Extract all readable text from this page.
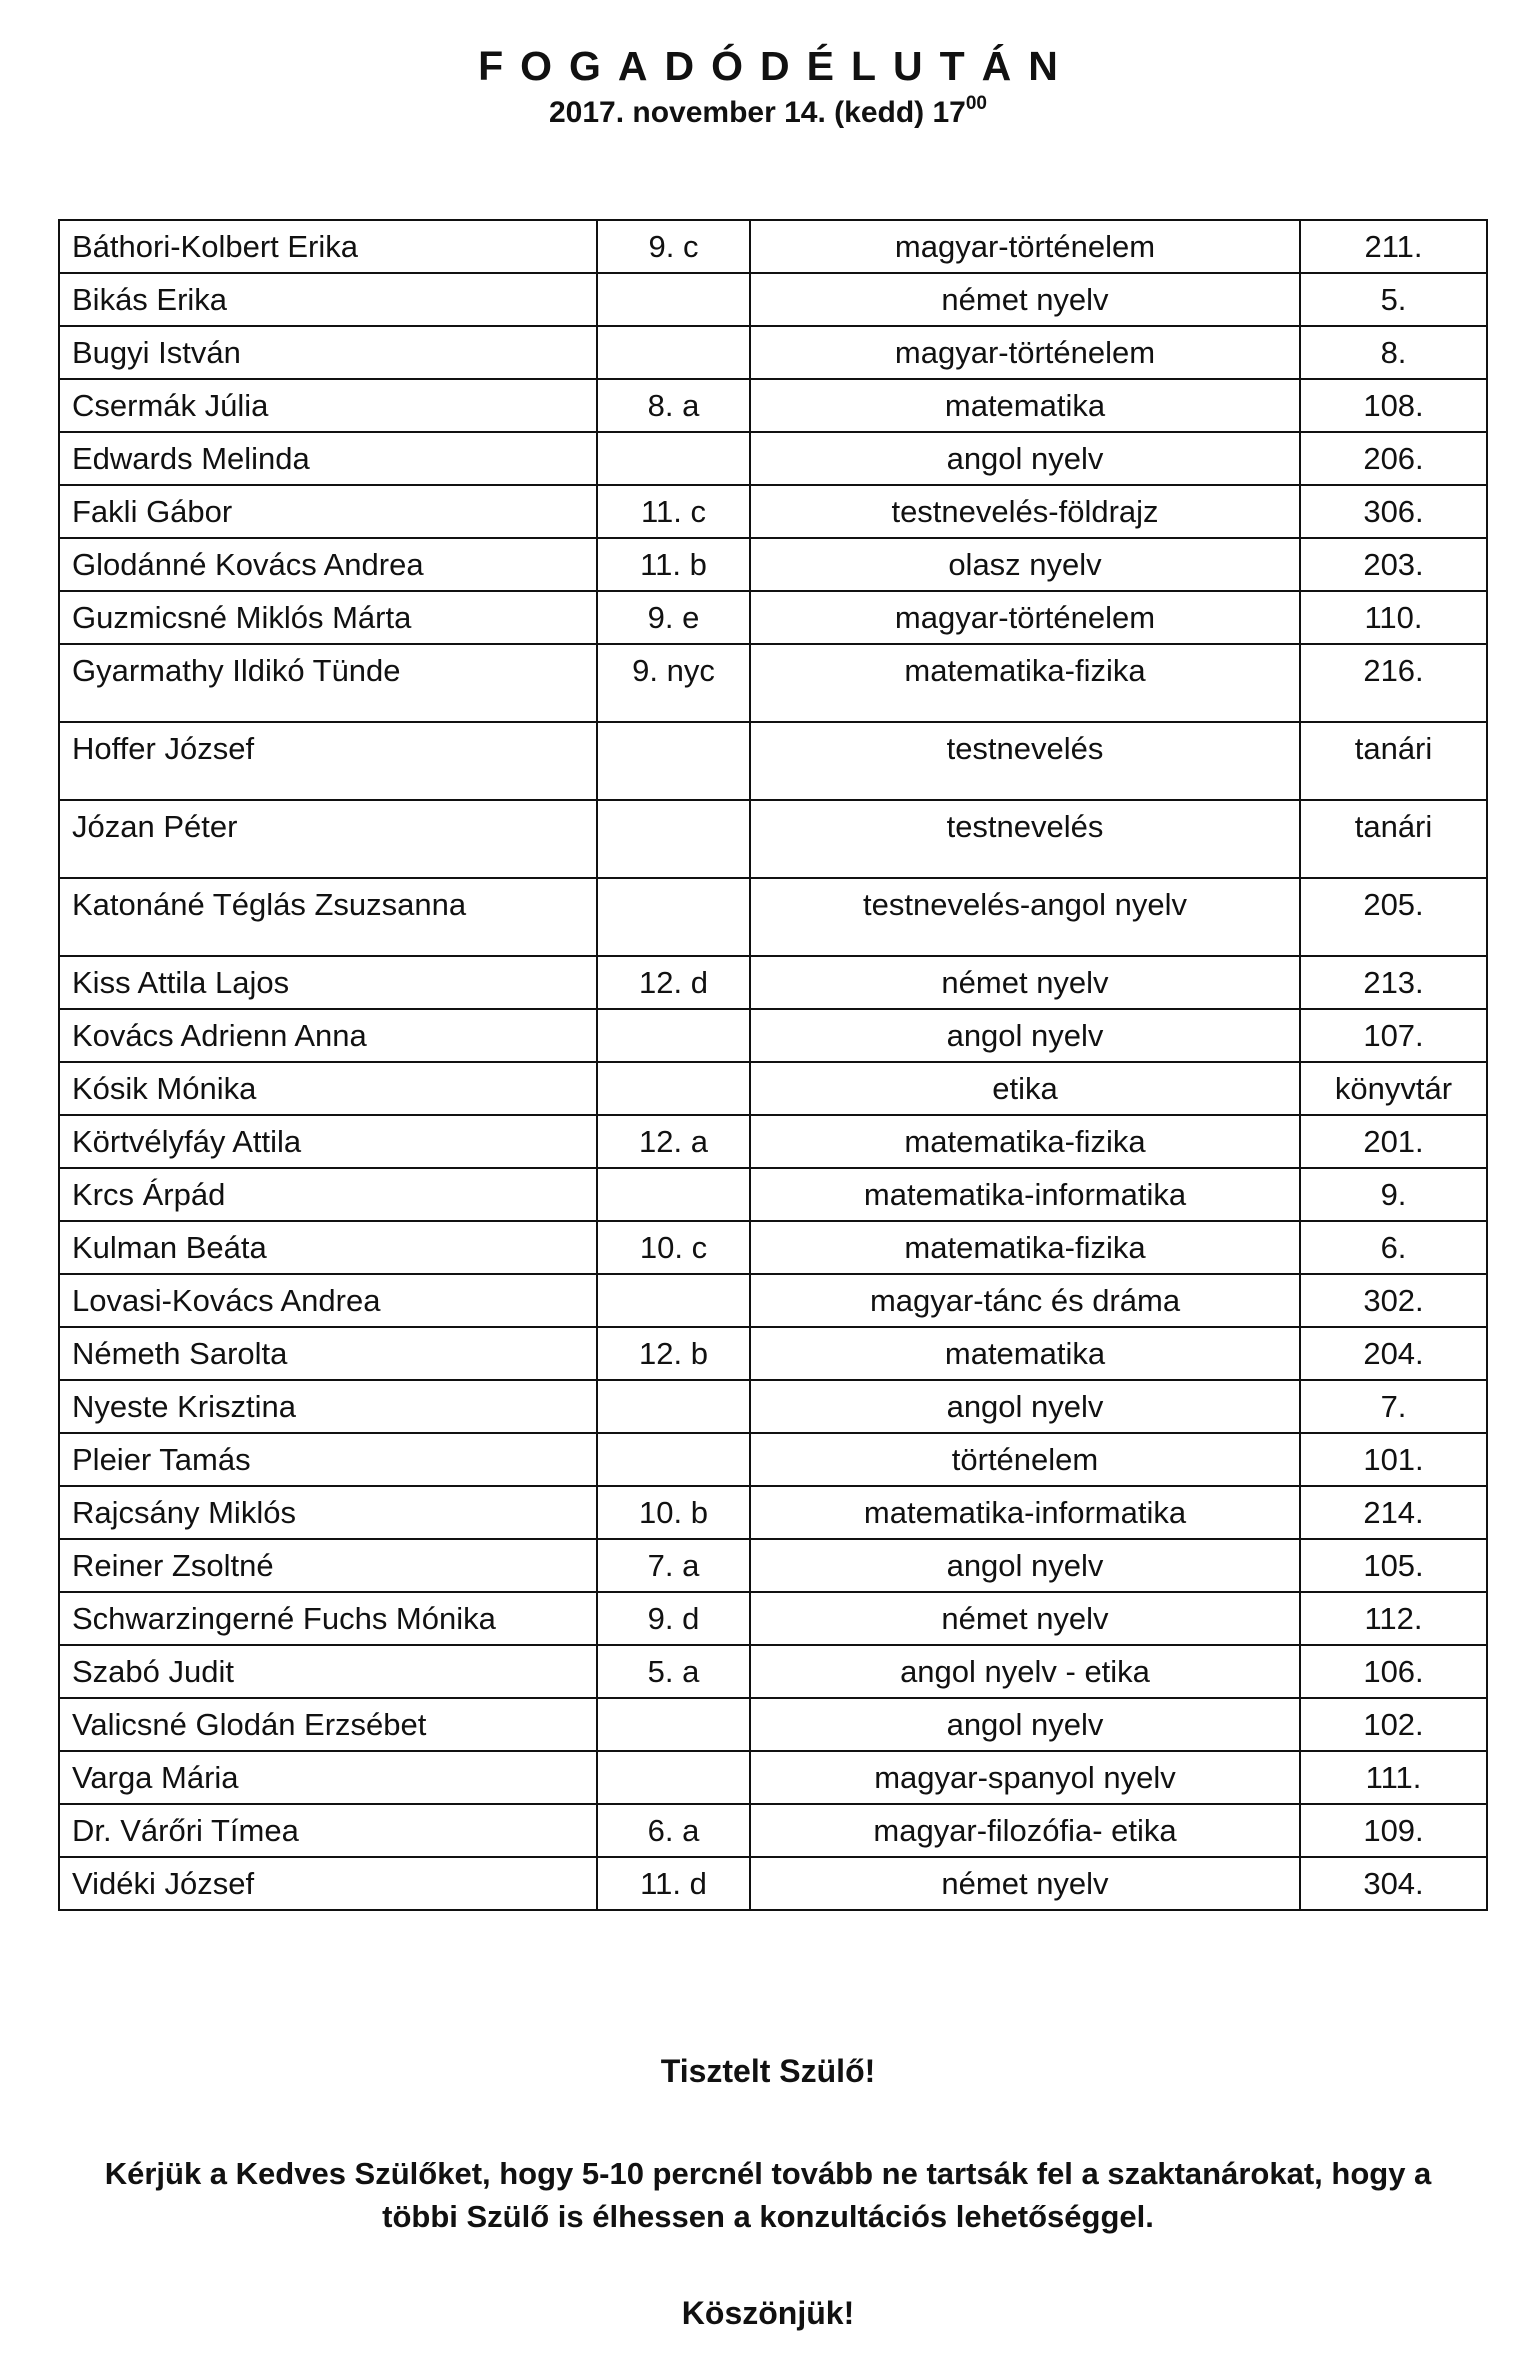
FOGADÓDÉLUTÁN
2017. november 14. (kedd) $17^{00}$
Báthori-Kolbert Erika	9. c	magyar-történelem	211.
Bikás Erika		német nyelv	5.
Bugyi István		magyar-történelem	8.
Csermák Júlia	8. a	matematika	108.
Edwards Melinda		angol nyelv	206.
Fakli Gábor	11. c	testnevelés-földrajz	306.
Glodánné Kovács Andrea	11. b	olasz nyelv	203.
Guzmicsné Miklós Márta	9. e	magyar-történelem	110.
Gyarmathy Ildikó Tünde	9. nyc	matematika-fizika	216.
Hoffer József		testnevelés	tanári
Józan Péter		testnevelés	tanári
Katonáné Téglás Zsuzsanna		testnevelés-angol nyelv	205.
Kiss Attila Lajos	12. d	német nyelv	213.
Kovács Adrienn Anna		angol nyelv	107.
Kósik Mónika		etika	könyvtár
Körtvélyfáy Attila	12. a	matematika-fizika	201.
Krcs Árpád		matematika-informatika	9.
Kulman Beáta	10. c	matematika-fizika	6.
Lovasi-Kovács Andrea		magyar-tánc és dráma	302.
Németh Sarolta	12. b	matematika	204.
Nyeste Krisztina		angol nyelv	7.
Pleier Tamás		történelem	101.
Rajcsány Miklós	10. b	matematika-informatika	214.
Reiner Zsoltné	7. a	angol nyelv	105.
Schwarzingerné Fuchs Mónika	9. d	német nyelv	112.
Szabó Judit	5. a	angol nyelv - etika	106.
Valicsné Glodán Erzsébet		angol nyelv	102.
Varga Mária		magyar-spanyol nyelv	111.
Dr. Várőri Tímea	6. a	magyar-filozófia- etika	109.
Vidéki József	11. d	német nyelv	304.
Tisztelt Szülő!
Kérjük a Kedves Szülőket, hogy 5-10 percnél tovább ne tartsák fel a szaktanárokat, hogy a
többi Szülő is élhessen a konzultációs lehetőséggel.
Köszönjük!
